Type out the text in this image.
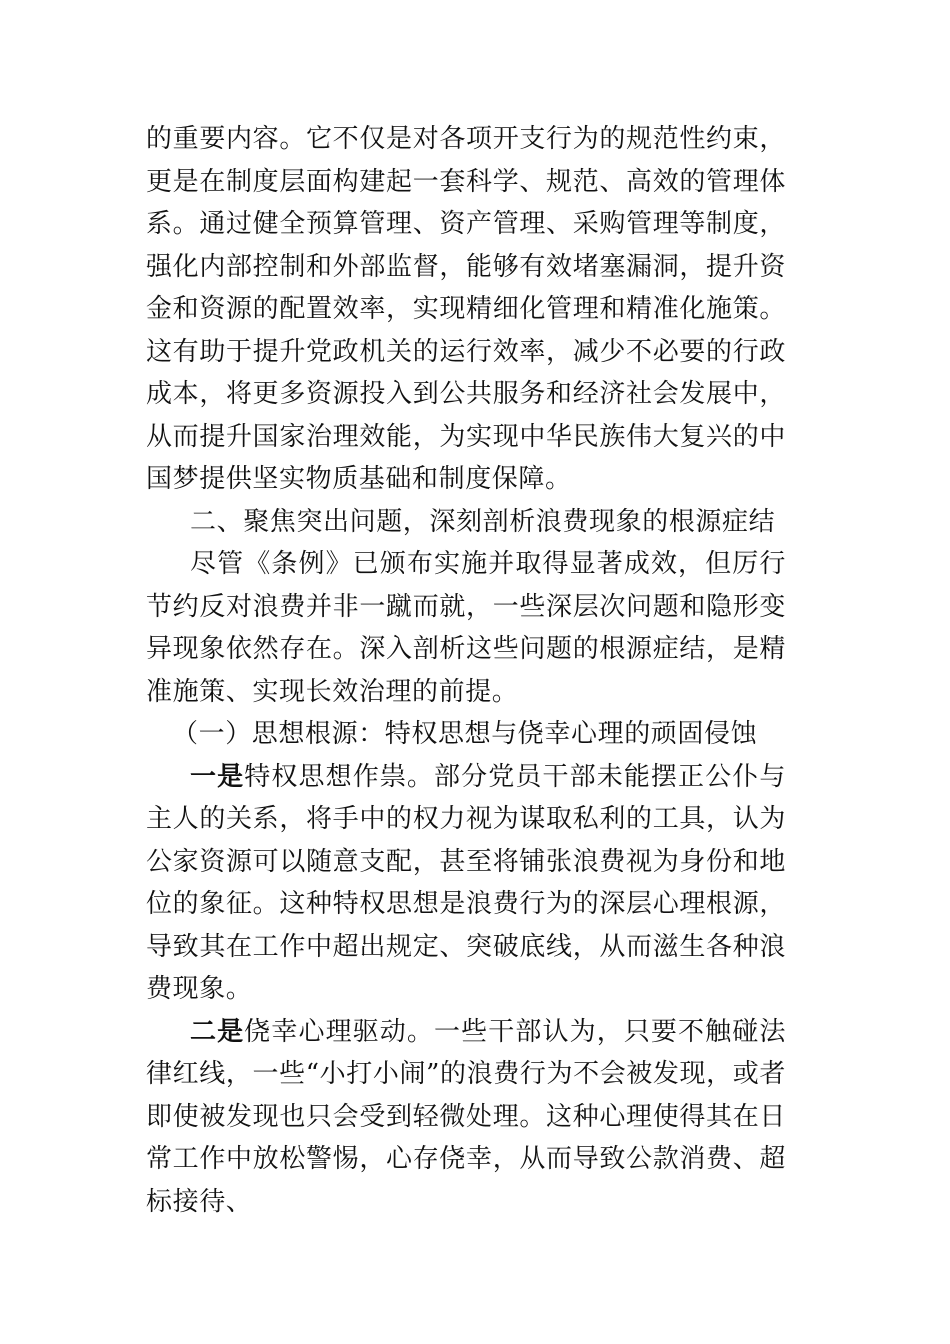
的重要内容。它不仅是对各项开支行为的规范性约束，更是在制度层面构建起一套科学、规范、高效的管理体系。通过健全预算管理、资产管理、采购管理等制度，强化内部控制和外部监督，能够有效堵塞漏洞，提升资金和资源的配置效率，实现精细化管理和精准化施策。这有助于提升党政机关的运行效率，减少不必要的行政成本，将更多资源投入到公共服务和经济社会发展中，从而提升国家治理效能，为实现中华民族伟大复兴的中国梦提供坚实物质基础和制度保障。

二、聚焦突出问题，深刻剖析浪费现象的根源症结

尽管《条例》已颁布实施并取得显著成效，但厉行节约反对浪费并非一蹴而就，一些深层次问题和隐形变异现象依然存在。深入剖析这些问题的根源症结，是精准施策、实现长效治理的前提。

（一）思想根源：特权思想与侥幸心理的顽固侵蚀

一是特权思想作祟。部分党员干部未能摆正公仆与主人的关系，将手中的权力视为谋取私利的工具，认为公家资源可以随意支配，甚至将铺张浪费视为身份和地位的象征。这种特权思想是浪费行为的深层心理根源，导致其在工作中超出规定、突破底线，从而滋生各种浪费现象。

二是侥幸心理驱动。一些干部认为，只要不触碰法律红线，一些“小打小闹”的浪费行为不会被发现，或者即使被发现也只会受到轻微处理。这种心理使得其在日常工作中放松警惕，心存侥幸，从而导致公款消费、超标接待、
